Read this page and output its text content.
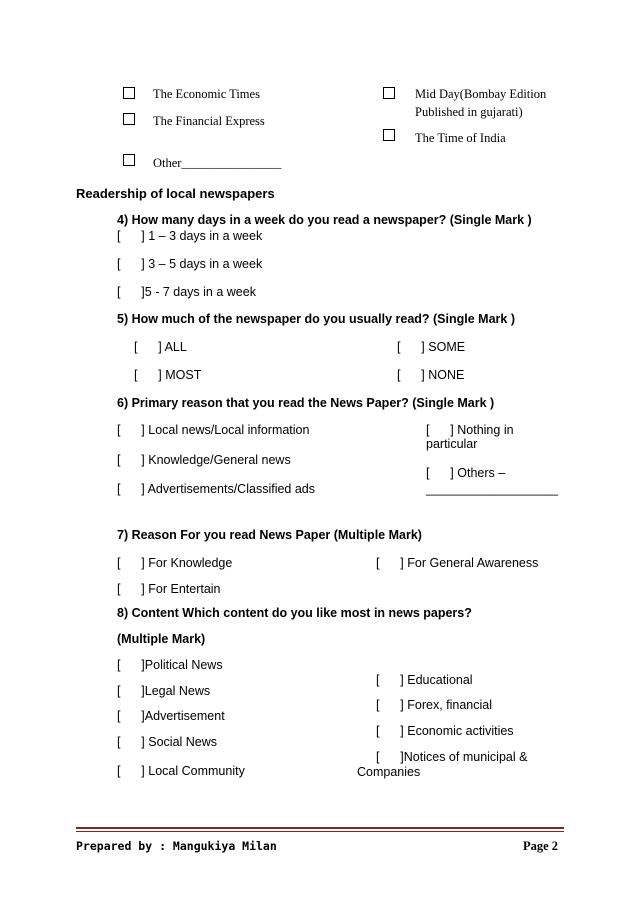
The Economic Times
The Financial Express
Other________________
Mid Day(Bombay Edition
Published in gujarati)
The Time of India
Readership of local newspapers
4) How many days in a week do you read a newspaper? (Single Mark )
[      ] 1 – 3 days in a week
[      ] 3 – 5 days in a week
[      ]5 - 7 days in a week
5) How much of the newspaper do you usually read? (Single Mark )
[      ] ALL	[      ] SOME
[      ] MOST	[      ] NONE
6) Primary reason that you read the News Paper? (Single Mark )
[      ] Local news/Local information
[      ] Knowledge/General news
[      ] Advertisements/Classified ads
[      ] Nothing in
particular
[      ] Others –
___________________
7) Reason For you read News Paper (Multiple Mark)
[      ] For Knowledge	[      ] For General Awareness
[      ] For Entertain
8) Content Which content do you like most in news papers?
(Multiple Mark)
[      ]Political News
[      ]Legal News
[      ]Advertisement
[      ] Social News
[      ] Local Community
[      ] Educational
[      ] Forex, financial
[      ] Economic activities
[      ]Notices of municipal &
Companies
Prepared by : Mangukiya Milan	Page 2
